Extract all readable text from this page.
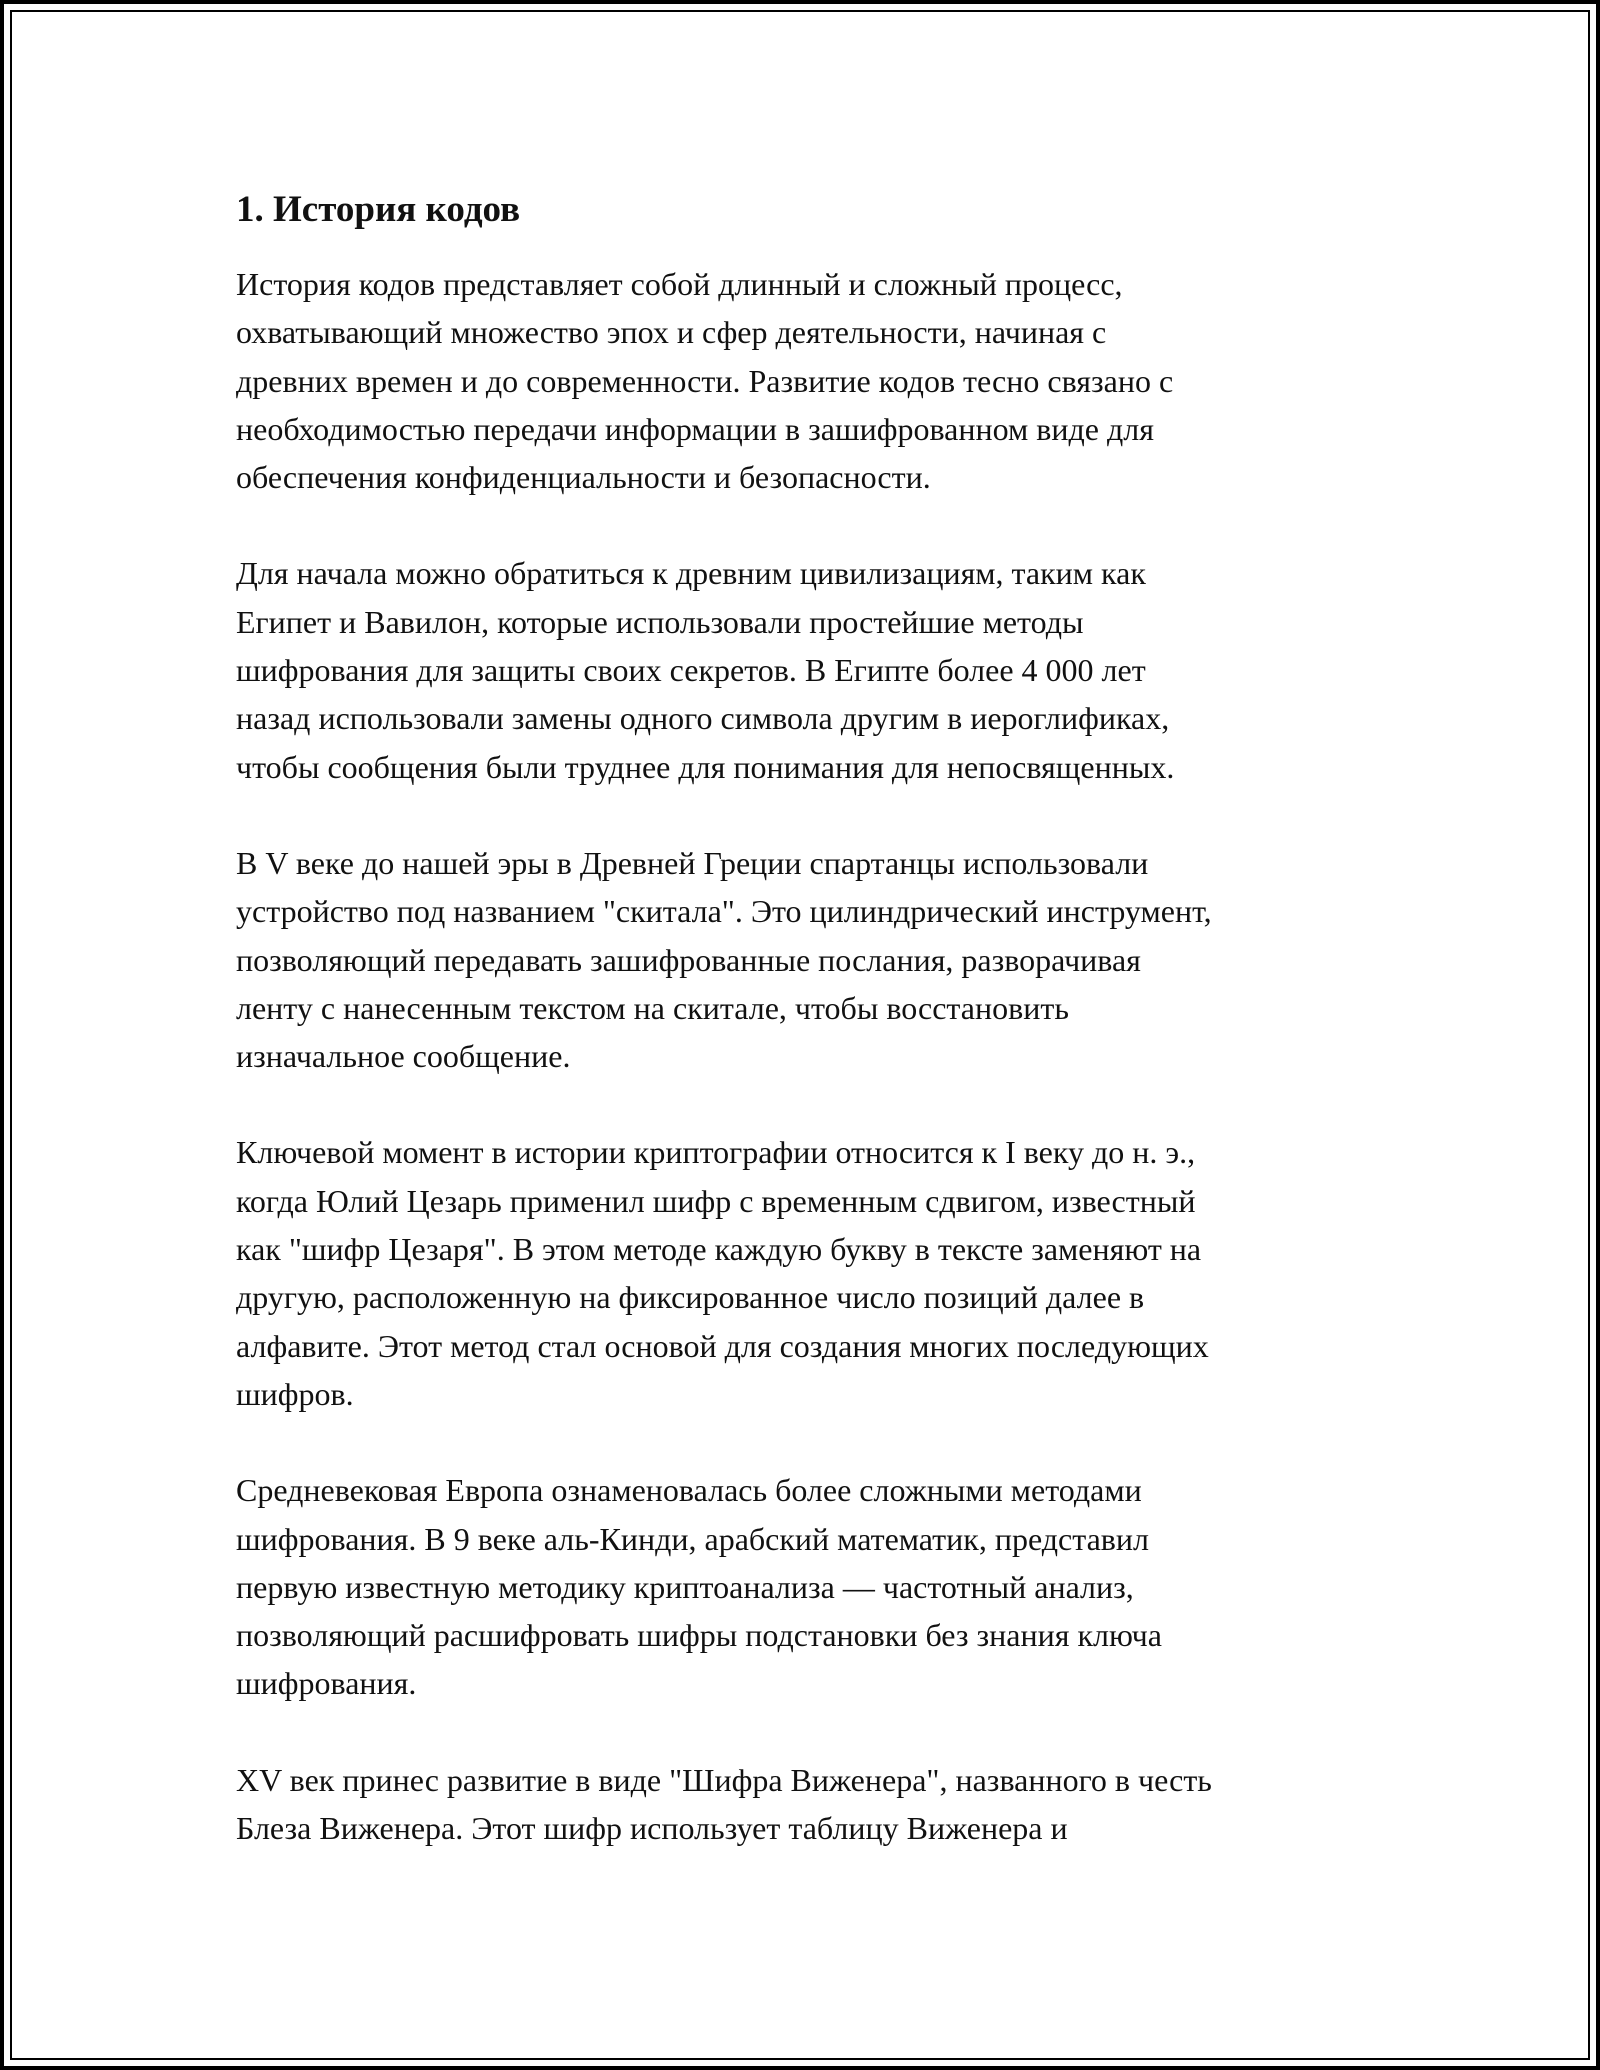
1. История кодов
История кодов представляет собой длинный и сложный процесс,
охватывающий множество эпох и сфер деятельности, начиная с
древних времен и до современности. Развитие кодов тесно связано с
необходимостью передачи информации в зашифрованном виде для
обеспечения конфиденциальности и безопасности.
Для начала можно обратиться к древним цивилизациям, таким как
Египет и Вавилон, которые использовали простейшие методы
шифрования для защиты своих секретов. В Египте более 4 000 лет
назад использовали замены одного символа другим в иероглификах,
чтобы сообщения были труднее для понимания для непосвященных.
В V веке до нашей эры в Древней Греции спартанцы использовали
устройство под названием "скитала". Это цилиндрический инструмент,
позволяющий передавать зашифрованные послания, разворачивая
ленту с нанесенным текстом на скитале, чтобы восстановить
изначальное сообщение.
Ключевой момент в истории криптографии относится к I веку до н. э.,
когда Юлий Цезарь применил шифр с временным сдвигом, известный
как "шифр Цезаря". В этом методе каждую букву в тексте заменяют на
другую, расположенную на фиксированное число позиций далее в
алфавите. Этот метод стал основой для создания многих последующих
шифров.
Средневековая Европа ознаменовалась более сложными методами
шифрования. В 9 веке аль-Кинди, арабский математик, представил
первую известную методику криптоанализа — частотный анализ,
позволяющий расшифровать шифры подстановки без знания ключа
шифрования.
XV век принес развитие в виде "Шифра Виженера", названного в честь
Блеза Виженера. Этот шифр использует таблицу Виженера и
